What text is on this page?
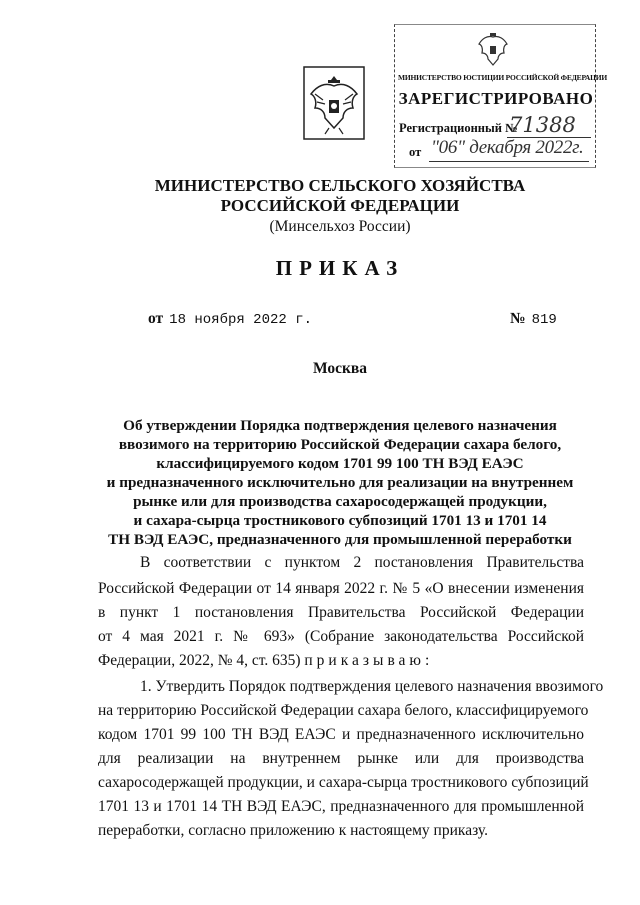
МИНИСТЕРСТВО ЮСТИЦИИ РОССИЙСКОЙ ФЕДЕРАЦИИ
ЗАРЕГИСТРИРОВАНО
Регистрационный №
71388
от "06" декабря 2022г.
МИНИСТЕРСТВО СЕЛЬСКОГО ХОЗЯЙСТВА
РОССИЙСКОЙ ФЕДЕРАЦИИ
(Минсельхоз России)
ПРИКАЗ
от 18 ноября 2022 г.	№ 819
Москва
Об утверждении Порядка подтверждения целевого назначения
ввозимого на территорию Российской Федерации сахара белого,
классифицируемого кодом 1701 99 100 ТН ВЭД ЕАЭС
и предназначенного исключительно для реализации на внутреннем
рынке или для производства сахаросодержащей продукции,
и сахара-сырца тростникового субпозиций 1701 13 и 1701 14
ТН ВЭД ЕАЭС, предназначенного для промышленной переработки
В соответствии с пунктом 2 постановления Правительства
Российской Федерации от 14 января 2022 г. № 5 «О внесении изменения
в пункт 1 постановления Правительства Российской Федерации
от 4 мая 2021 г. № 693» (Собрание законодательства Российской
Федерации, 2022, № 4, ст. 635) приказываю:
1. Утвердить Порядок подтверждения целевого назначения ввозимого
на территорию Российской Федерации сахара белого, классифицируемого
кодом 1701 99 100 ТН ВЭД ЕАЭС и предназначенного исключительно
для реализации на внутреннем рынке или для производства
сахаросодержащей продукции, и сахара-сырца тростникового субпозиций
1701 13 и 1701 14 ТН ВЭД ЕАЭС, предназначенного для промышленной
переработки, согласно приложению к настоящему приказу.
